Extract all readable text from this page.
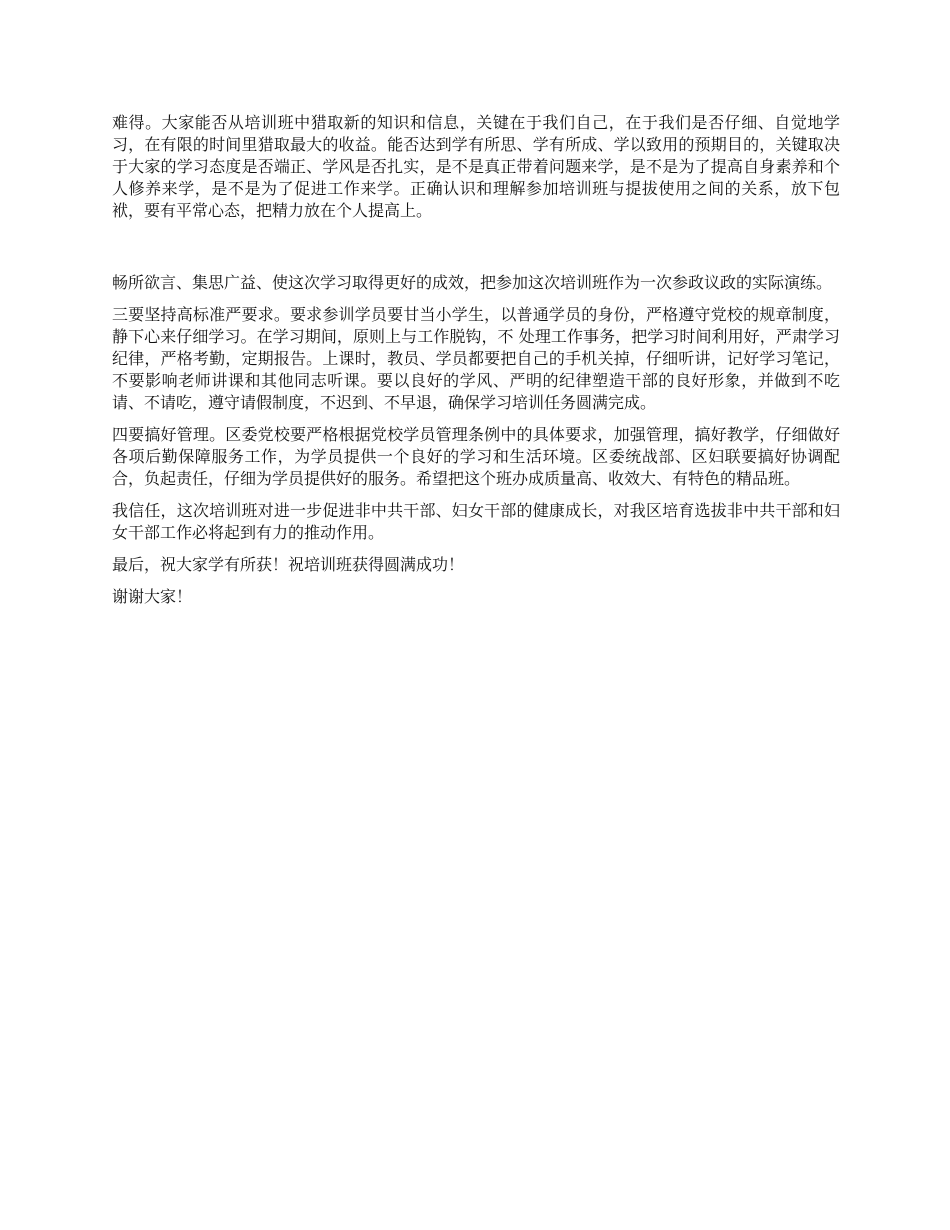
难得。大家能否从培训班中猎取新的知识和信息，关键在于我们自己，在于我们是否仔细、自觉地学习，在有限的时间里猎取最大的收益。能否达到学有所思、学有所成、学以致用的预期目的，关键取决于大家的学习态度是否端正、学风是否扎实，是不是真正带着问题来学，是不是为了提高自身素养和个人修养来学，是不是为了促进工作来学。正确认识和理解参加培训班与提拔使用之间的关系，放下包袱，要有平常心态，把精力放在个人提高上。

畅所欲言、集思广益、使这次学习取得更好的成效，把参加这次培训班作为一次参政议政的实际演练。

三要坚持高标准严要求。要求参训学员要甘当小学生，以普通学员的身份，严格遵守党校的规章制度，静下心来仔细学习。在学习期间，原则上与工作脱钩，不 处理工作事务，把学习时间利用好，严肃学习纪律，严格考勤，定期报告。上课时，教员、学员都要把自己的手机关掉，仔细听讲，记好学习笔记，不要影响老师讲课和其他同志听课。要以良好的学风、严明的纪律塑造干部的良好形象，并做到不吃请、不请吃，遵守请假制度，不迟到、不早退，确保学习培训任务圆满完成。

四要搞好管理。区委党校要严格根据党校学员管理条例中的具体要求，加强管理，搞好教学，仔细做好各项后勤保障服务工作，为学员提供一个良好的学习和生活环境。区委统战部、区妇联要搞好协调配合，负起责任，仔细为学员提供好的服务。希望把这个班办成质量高、收效大、有特色的精品班。

我信任，这次培训班对进一步促进非中共干部、妇女干部的健康成长，对我区培育选拔非中共干部和妇女干部工作必将起到有力的推动作用。

最后，祝大家学有所获！祝培训班获得圆满成功！

谢谢大家！
